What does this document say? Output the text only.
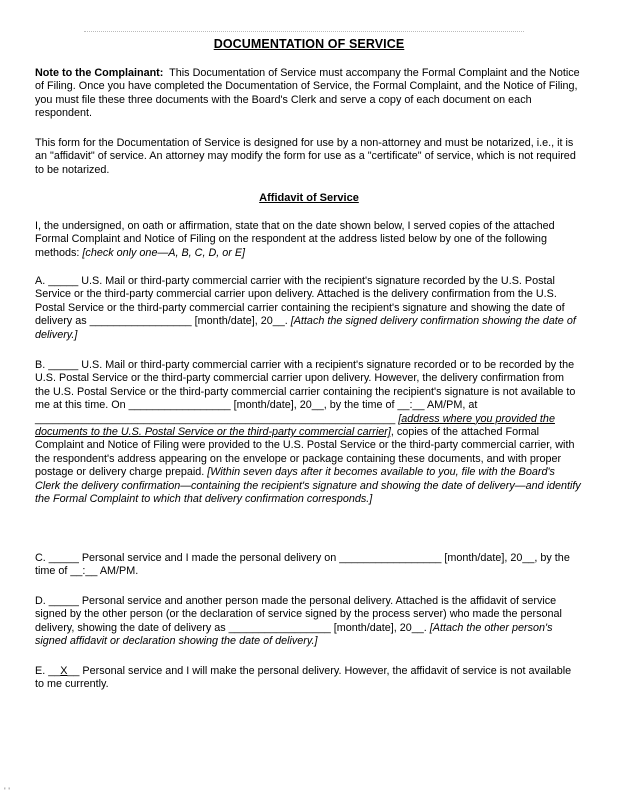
DOCUMENTATION OF SERVICE

Note to the Complainant: This Documentation of Service must accompany the Formal Complaint and the Notice of Filing. Once you have completed the Documentation of Service, the Formal Complaint, and the Notice of Filing, you must file these three documents with the Board's Clerk and serve a copy of each document on each respondent.

This form for the Documentation of Service is designed for use by a non-attorney and must be notarized, i.e., it is an "affidavit" of service. An attorney may modify the form for use as a "certificate" of service, which is not required to be notarized.

Affidavit of Service

I, the undersigned, on oath or affirmation, state that on the date shown below, I served copies of the attached Formal Complaint and Notice of Filing on the respondent at the address listed below by one of the following methods: [check only one—A, B, C, D, or E]

A. _____ U.S. Mail or third-party commercial carrier with the recipient's signature recorded by the U.S. Postal Service or the third-party commercial carrier upon delivery. Attached is the delivery confirmation from the U.S. Postal Service or the third-party commercial carrier containing the recipient's signature and showing the date of delivery as _________________ [month/date], 20__. [Attach the signed delivery confirmation showing the date of delivery.]

B. _____ U.S. Mail or third-party commercial carrier with a recipient's signature recorded or to be recorded by the U.S. Postal Service or the third-party commercial carrier upon delivery. However, the delivery confirmation from the U.S. Postal Service or the third-party commercial carrier containing the recipient's signature is not available to me at this time. On _________________ [month/date], 20__, by the time of __:__ AM/PM, at ____________________________________________________________ [address where you provided the documents to the U.S. Postal Service or the third-party commercial carrier], copies of the attached Formal Complaint and Notice of Filing were provided to the U.S. Postal Service or the third-party commercial carrier, with the respondent's address appearing on the envelope or package containing these documents, and with proper postage or delivery charge prepaid. [Within seven days after it becomes available to you, file with the Board's Clerk the delivery confirmation—containing the recipient's signature and showing the date of delivery—and identify the Formal Complaint to which that delivery confirmation corresponds.]

C. _____ Personal service and I made the personal delivery on _________________ [month/date], 20__, by the time of __:__ AM/PM.

D. _____ Personal service and another person made the personal delivery. Attached is the affidavit of service signed by the other person (or the declaration of service signed by the process server) who made the personal delivery, showing the date of delivery as _________________ [month/date], 20__. [Attach the other person's signed affidavit or declaration showing the date of delivery.]

E. __X__ Personal service and I will make the personal delivery. However, the affidavit of service is not available to me currently.

' '
